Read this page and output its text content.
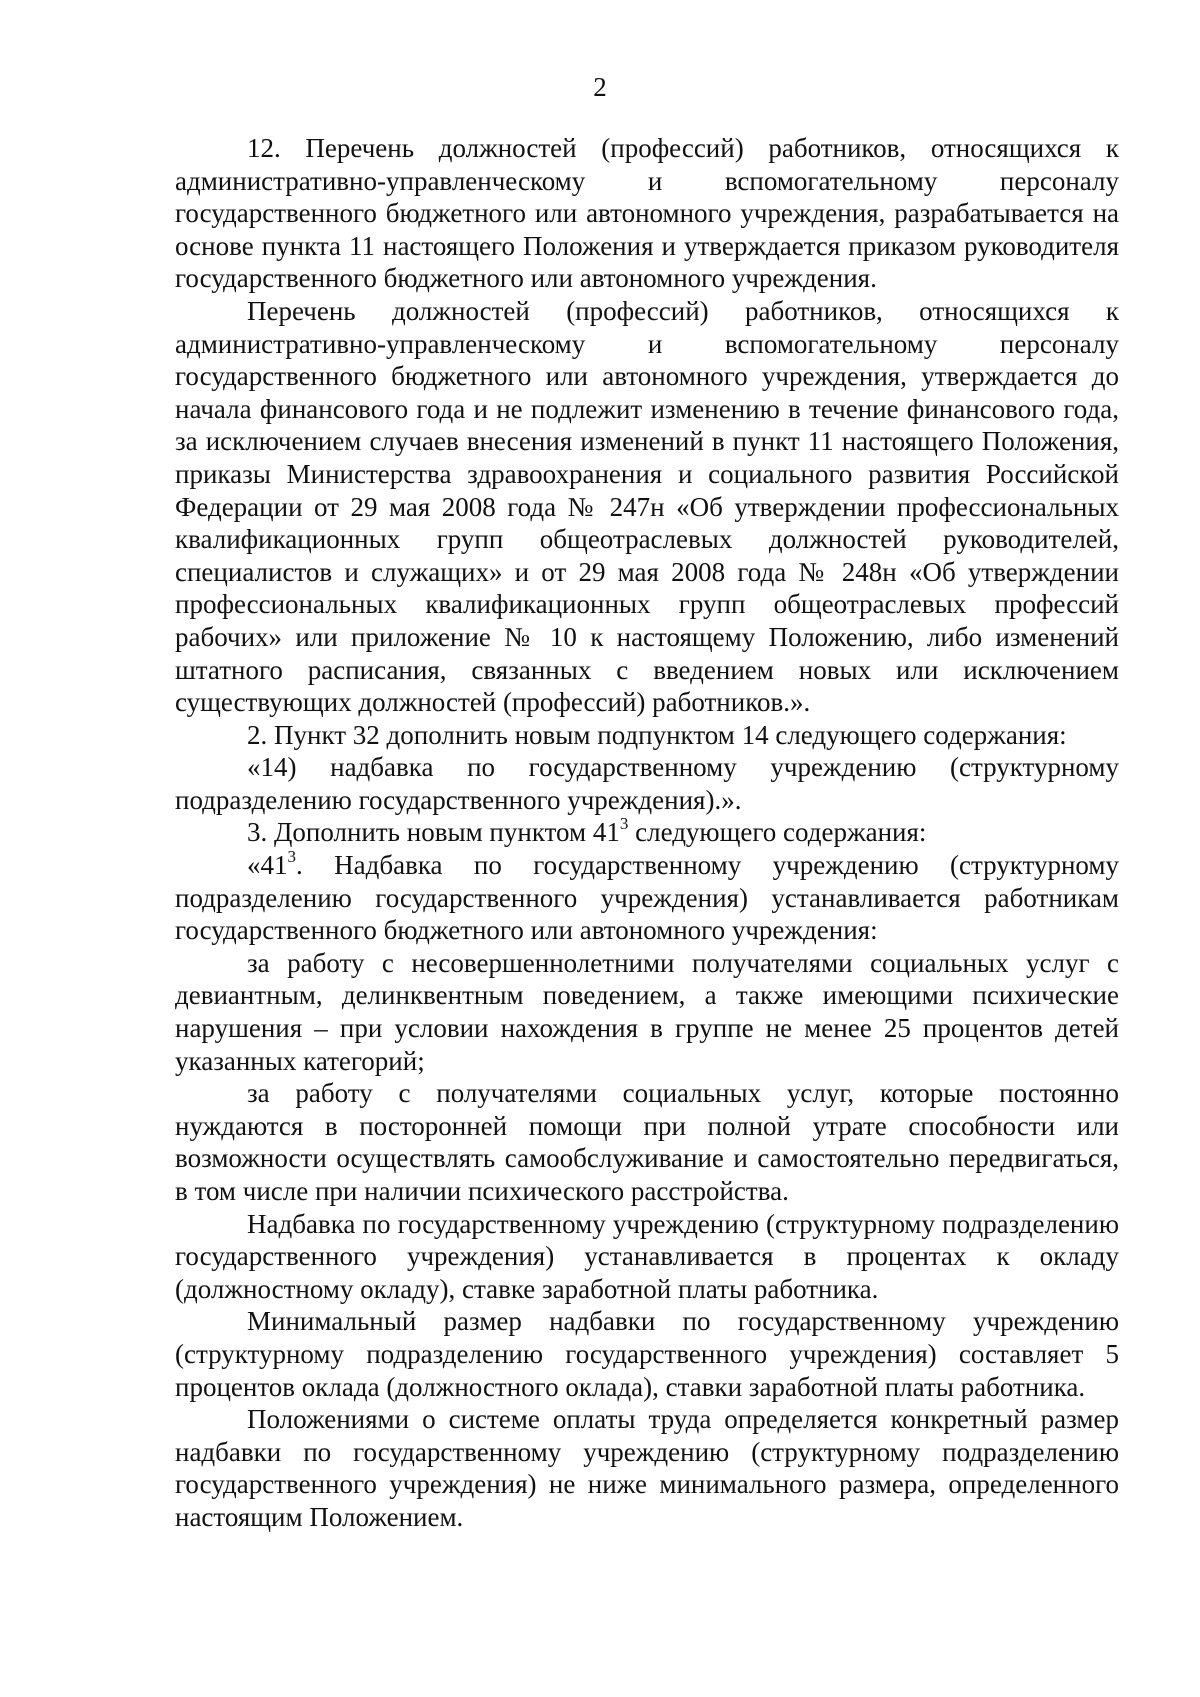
2

12. Перечень должностей (профессий) работников, относящихся к административно-управленческому и вспомогательному персоналу государственного бюджетного или автономного учреждения, разрабатывается на основе пункта 11 настоящего Положения и утверждается приказом руководителя государственного бюджетного или автономного учреждения.

Перечень должностей (профессий) работников, относящихся к административно-управленческому и вспомогательному персоналу государственного бюджетного или автономного учреждения, утверждается до начала финансового года и не подлежит изменению в течение финансового года, за исключением случаев внесения изменений в пункт 11 настоящего Положения, приказы Министерства здравоохранения и социального развития Российской Федерации от 29 мая 2008 года № 247н «Об утверждении профессиональных квалификационных групп общеотраслевых должностей руководителей, специалистов и служащих» и от 29 мая 2008 года № 248н «Об утверждении профессиональных квалификационных групп общеотраслевых профессий рабочих» или приложение № 10 к настоящему Положению, либо изменений штатного расписания, связанных с введением новых или исключением существующих должностей (профессий) работников.».

2. Пункт 32 дополнить новым подпунктом 14 следующего содержания:

«14) надбавка по государственному учреждению (структурному подразделению государственного учреждения).».

3. Дополнить новым пунктом $41^3$ следующего содержания:

«$41^3$. Надбавка по государственному учреждению (структурному подразделению государственного учреждения) устанавливается работникам государственного бюджетного или автономного учреждения:

за работу с несовершеннолетними получателями социальных услуг с девиантным, делинквентным поведением, а также имеющими психические нарушения – при условии нахождения в группе не менее 25 процентов детей указанных категорий;

за работу с получателями социальных услуг, которые постоянно нуждаются в посторонней помощи при полной утрате способности или возможности осуществлять самообслуживание и самостоятельно передвигаться, в том числе при наличии психического расстройства.

Надбавка по государственному учреждению (структурному подразделению государственного учреждения) устанавливается в процентах к окладу (должностному окладу), ставке заработной платы работника.

Минимальный размер надбавки по государственному учреждению (структурному подразделению государственного учреждения) составляет 5 процентов оклада (должностного оклада), ставки заработной платы работника.

Положениями о системе оплаты труда определяется конкретный размер надбавки по государственному учреждению (структурному подразделению государственного учреждения) не ниже минимального размера, определенного настоящим Положением.
